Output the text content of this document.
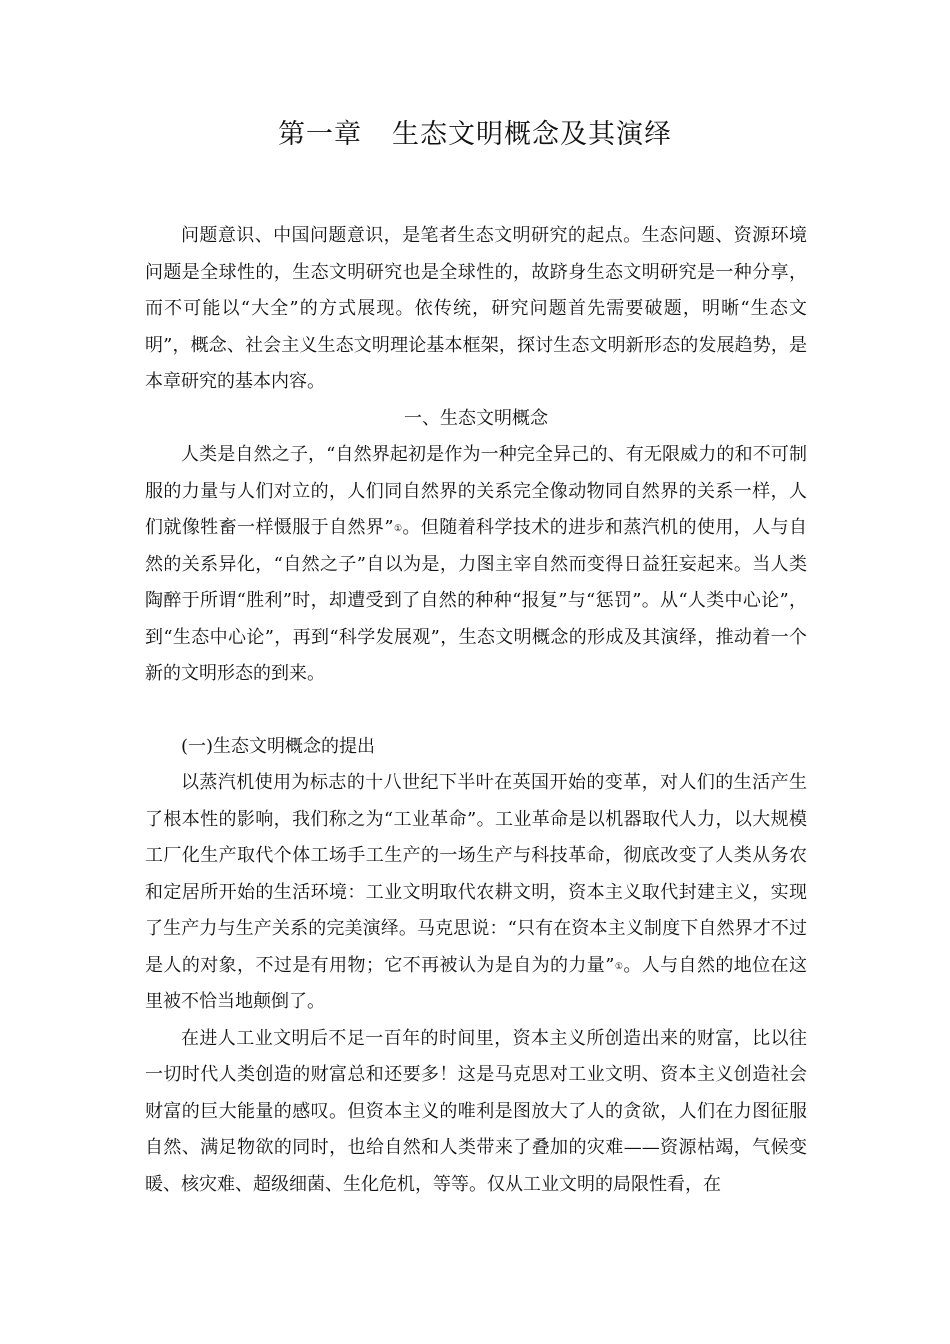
第一章 生态文明概念及其演绎

问题意识、中国问题意识，是笔者生态文明研究的起点。生态问题、资源环境问题是全球性的，生态文明研究也是全球性的，故跻身生态文明研究是一种分享，而不可能以“大全”的方式展现。依传统，研究问题首先需要破题，明晰“生态文明”，概念、社会主义生态文明理论基本框架，探讨生态文明新形态的发展趋势，是本章研究的基本内容。

一、生态文明概念

人类是自然之子，“自然界起初是作为一种完全异己的、有无限威力的和不可制服的力量与人们对立的，人们同自然界的关系完全像动物同自然界的关系一样，人们就像牲畜一样慑服于自然界”①。但随着科学技术的进步和蒸汽机的使用，人与自然的关系异化，“自然之子”自以为是，力图主宰自然而变得日益狂妄起来。当人类陶醉于所谓“胜利”时，却遭受到了自然的种种“报复”与“惩罚”。从“人类中心论”，到“生态中心论”，再到“科学发展观”，生态文明概念的形成及其演绎，推动着一个新的文明形态的到来。

(一)生态文明概念的提出

以蒸汽机使用为标志的十八世纪下半叶在英国开始的变革，对人们的生活产生了根本性的影响，我们称之为“工业革命”。工业革命是以机器取代人力，以大规模工厂化生产取代个体工场手工生产的一场生产与科技革命，彻底改变了人类从务农和定居所开始的生活环境：工业文明取代农耕文明，资本主义取代封建主义，实现了生产力与生产关系的完美演绎。马克思说：“只有在资本主义制度下自然界才不过是人的对象，不过是有用物；它不再被认为是自为的力量”①。人与自然的地位在这里被不恰当地颠倒了。

在进人工业文明后不足一百年的时间里，资本主义所创造出来的财富，比以往一切时代人类创造的财富总和还要多！这是马克思对工业文明、资本主义创造社会财富的巨大能量的感叹。但资本主义的唯利是图放大了人的贪欲，人们在力图征服自然、满足物欲的同时，也给自然和人类带来了叠加的灾难——资源枯竭，气候变暖、核灾难、超级细菌、生化危机，等等。仅从工业文明的局限性看，在
